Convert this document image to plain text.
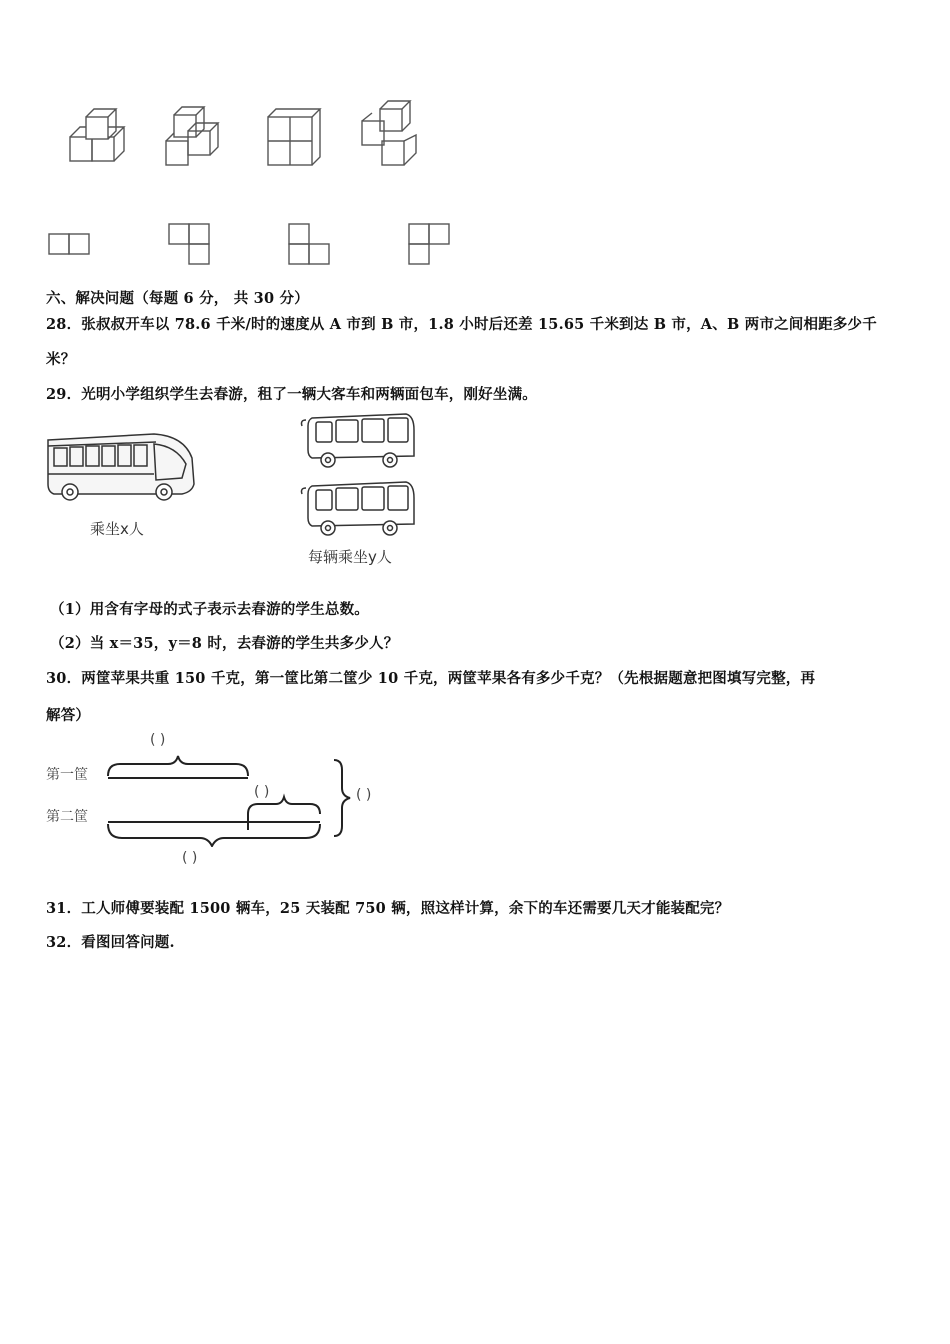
六、解决问题（每题 6 分， 共 30 分）
28．张叔叔开车以 78.6 千米/时的速度从 A 市到 B 市，1.8 小时后还差 15.65 千米到达 B 市，A、B 两市之间相距多少千
米？
29．光明小学组织学生去春游，租了一辆大客车和两辆面包车，刚好坐满。
乘坐x人
每辆乘坐y人
（1）用含有字母的式子表示去春游的学生总数。
（2）当 x＝35，y＝8 时，去春游的学生共多少人？
30．两筐苹果共重 150 千克，第一筐比第二筐少 10 千克，两筐苹果各有多少千克？（先根据题意把图填写完整，再
解答）
( )
第一筐
( )	( )
第二筐
( )
31．工人师傅要装配 1500 辆车，25 天装配 750 辆，照这样计算，余下的车还需要几天才能装配完？
32．看图回答问题.
